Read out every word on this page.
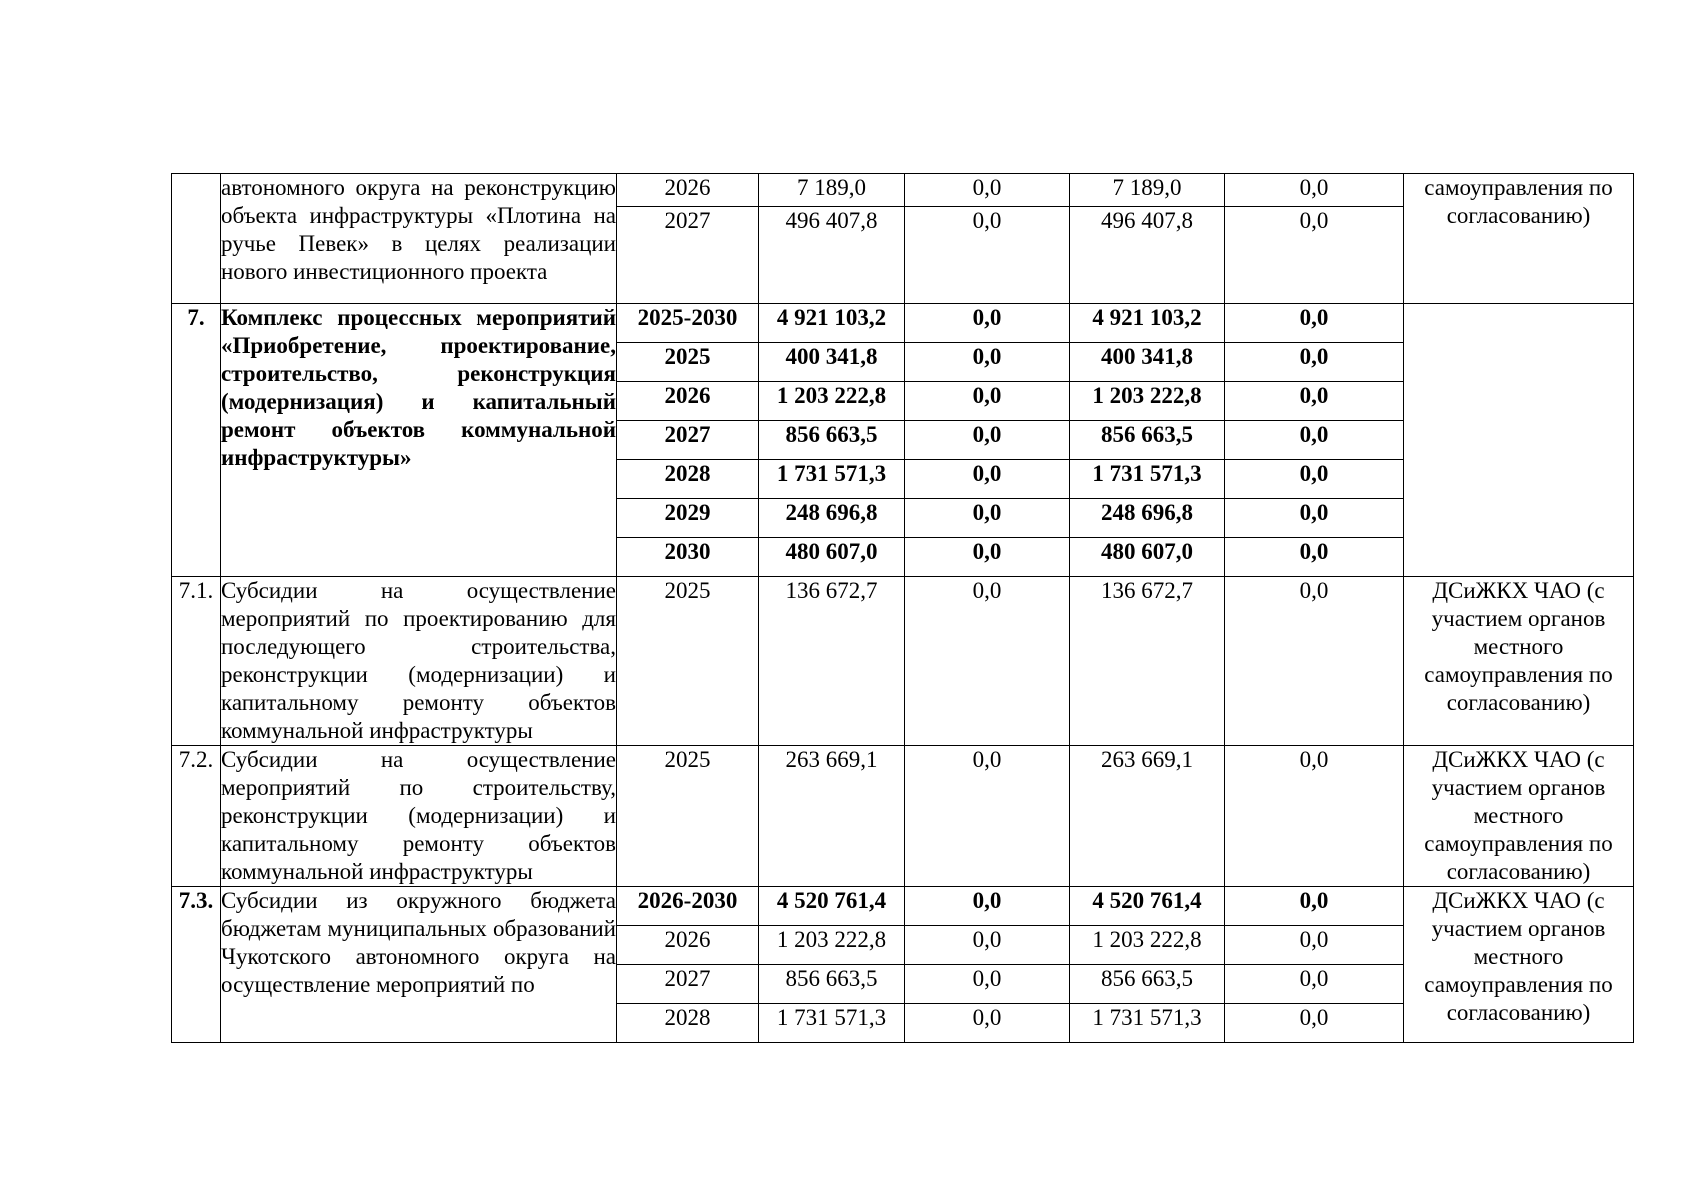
	автономного округа на реконструкцию объекта инфраструктуры «Плотина на ручье Певек» в целях реализации нового инвестиционного проекта	2026	7 189,0	0,0	7 189,0	0,0	самоуправления по согласованию)
		2027	496 407,8	0,0	496 407,8	0,0	
7.	Комплекс процессных мероприятий «Приобретение, проектирование, строительство, реконструкция (модернизация) и капитальный ремонт объектов коммунальной инфраструктуры»	2025-2030	4 921 103,2	0,0	4 921 103,2	0,0	
		2025	400 341,8	0,0	400 341,8	0,0	
		2026	1 203 222,8	0,0	1 203 222,8	0,0	
		2027	856 663,5	0,0	856 663,5	0,0	
		2028	1 731 571,3	0,0	1 731 571,3	0,0	
		2029	248 696,8	0,0	248 696,8	0,0	
		2030	480 607,0	0,0	480 607,0	0,0	
7.1.	Субсидии на осуществление мероприятий по проектированию для последующего строительства, реконструкции (модернизации) и капитальному ремонту объектов коммунальной инфраструктуры	2025	136 672,7	0,0	136 672,7	0,0	ДСиЖКХ ЧАО (с участием органов местного самоуправления по согласованию)
7.2.	Субсидии на осуществление мероприятий по строительству, реконструкции (модернизации) и капитальному ремонту объектов коммунальной инфраструктуры	2025	263 669,1	0,0	263 669,1	0,0	ДСиЖКХ ЧАО (с участием органов местного самоуправления по согласованию)
7.3.	Субсидии из окружного бюджета бюджетам муниципальных образований Чукотского автономного округа на осуществление мероприятий по	2026-2030	4 520 761,4	0,0	4 520 761,4	0,0	ДСиЖКХ ЧАО (с участием органов местного самоуправления по согласованию)
		2026	1 203 222,8	0,0	1 203 222,8	0,0	
		2027	856 663,5	0,0	856 663,5	0,0	
		2028	1 731 571,3	0,0	1 731 571,3	0,0	
